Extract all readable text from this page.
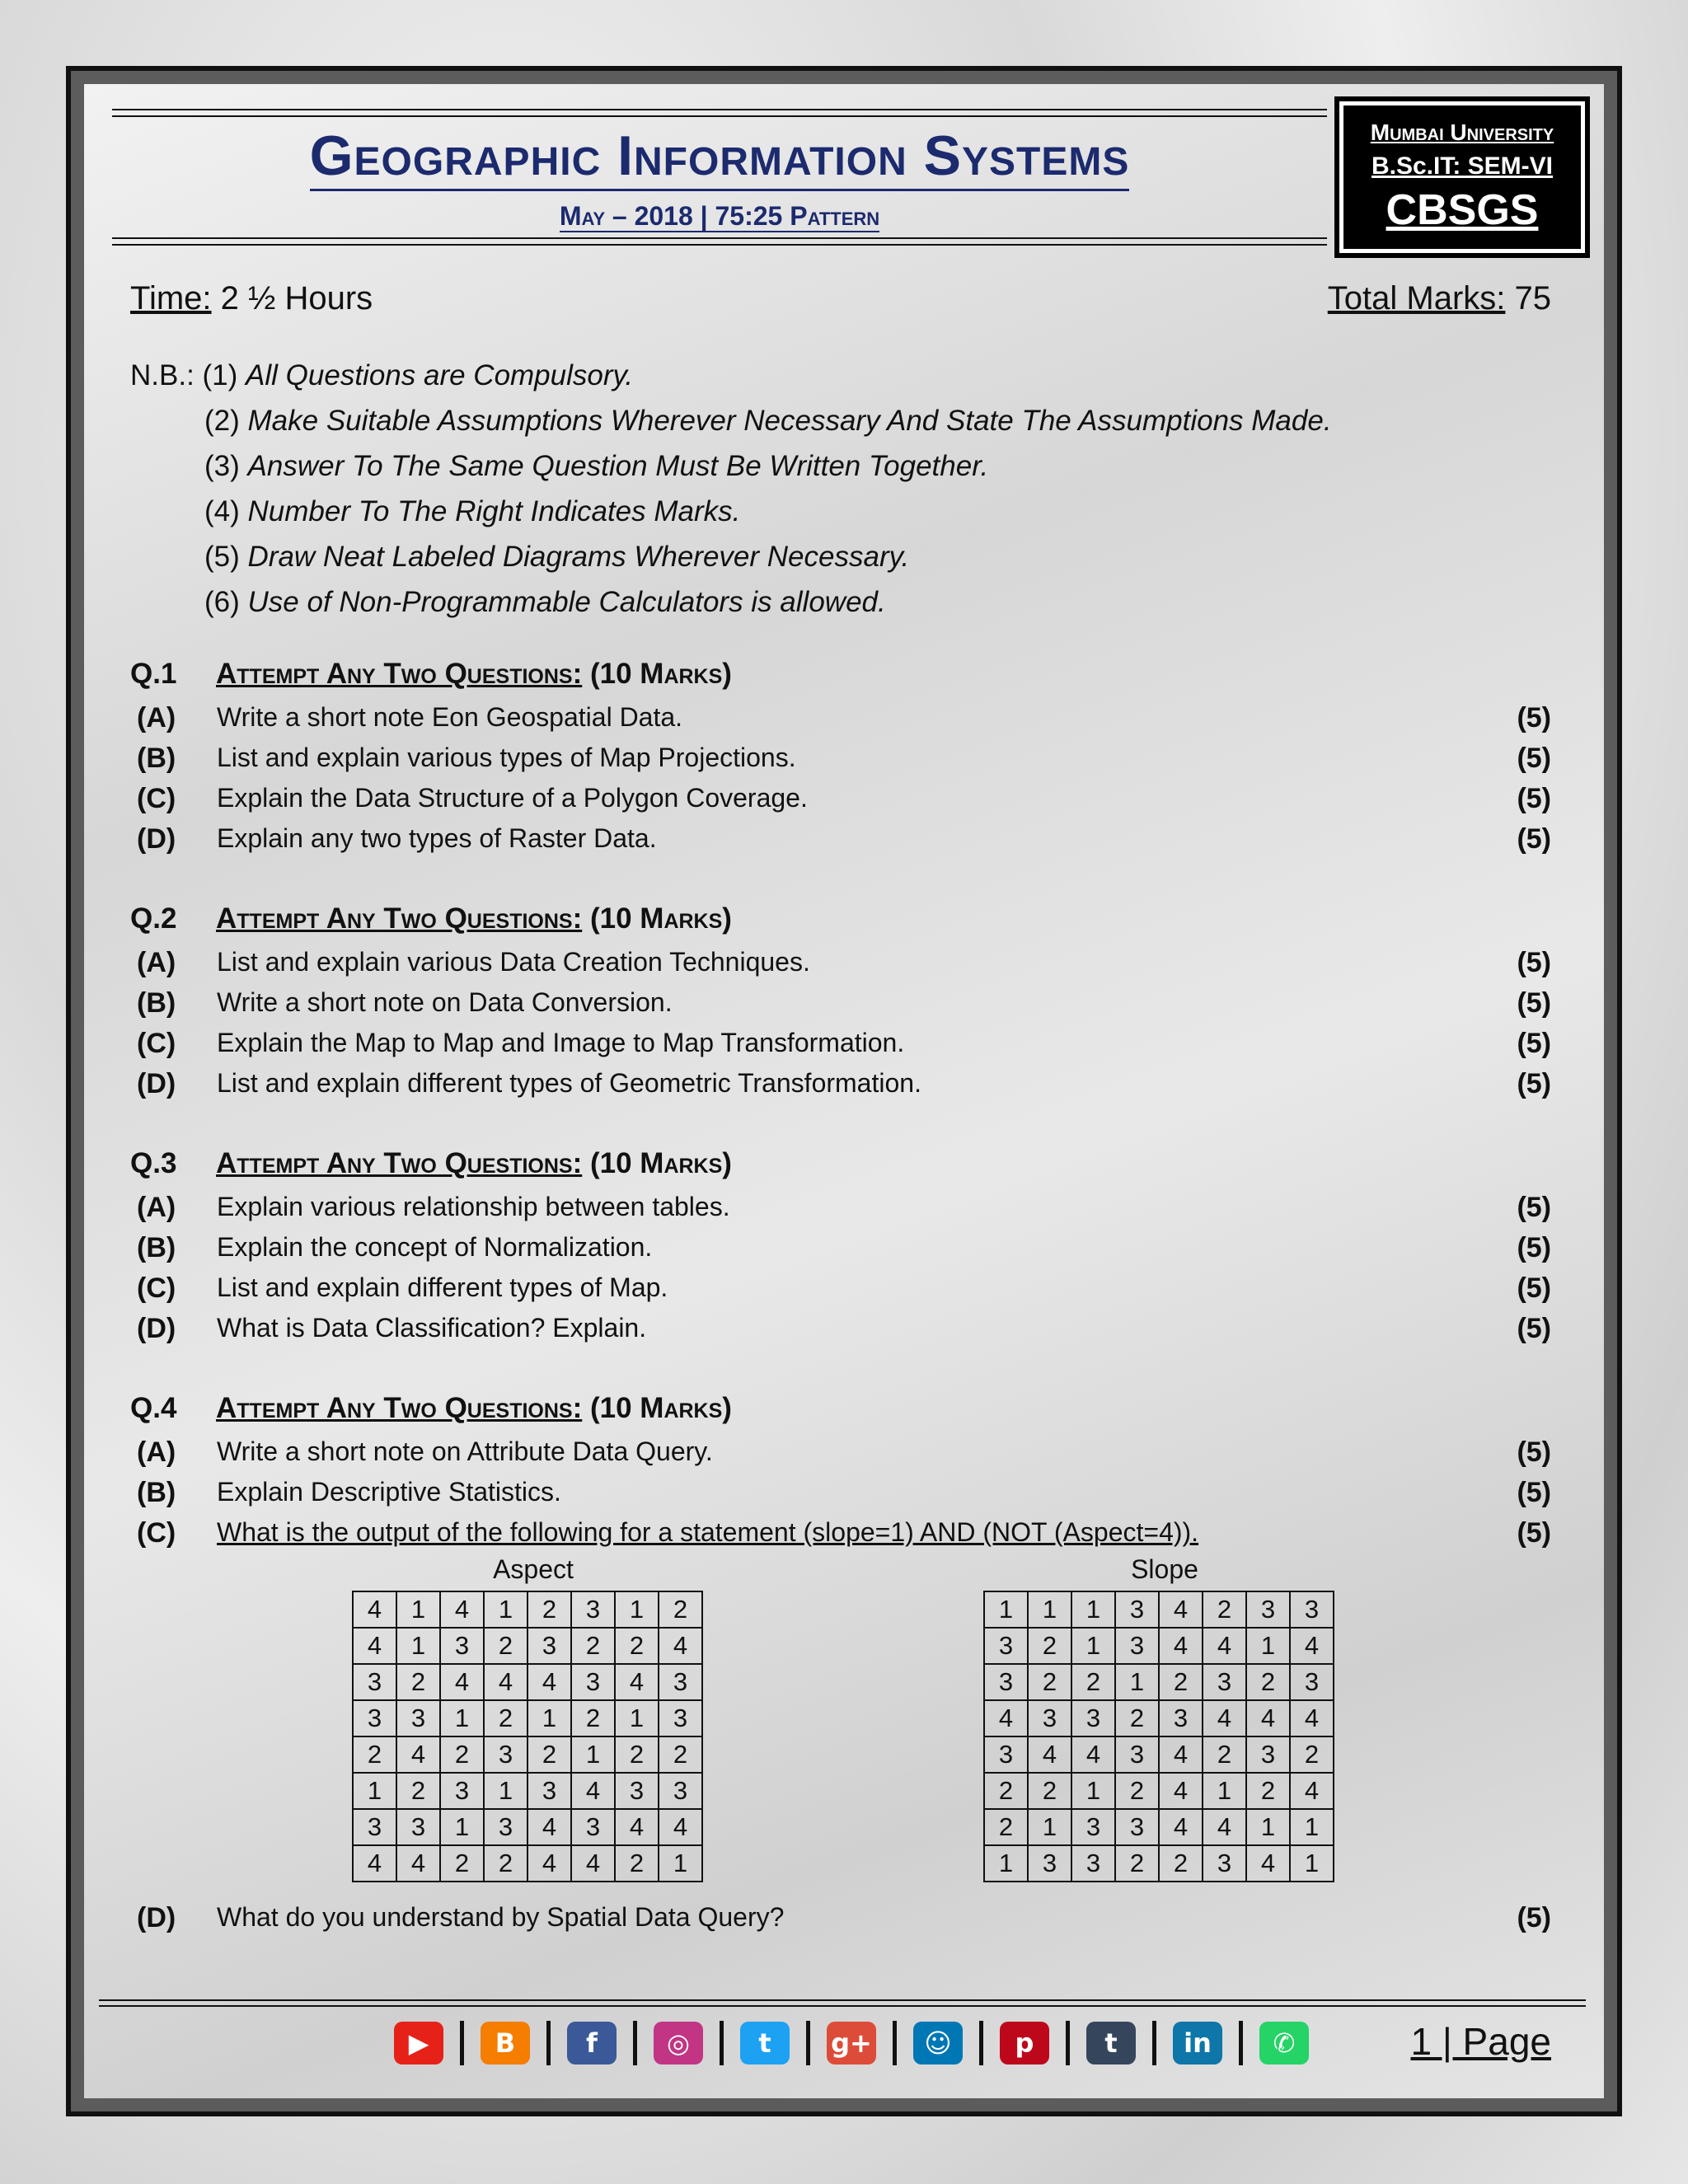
Geographic Information Systems
May – 2018 | 75:25 Pattern
Mumbai University
B.Sc.IT: SEM-VI
CBSGS
Time: 2 ½ Hours	Total Marks: 75
N.B.: (1) All Questions are Compulsory.
(2) Make Suitable Assumptions Wherever Necessary And State The Assumptions Made.
(3) Answer To The Same Question Must Be Written Together.
(4) Number To The Right Indicates Marks.
(5) Draw Neat Labeled Diagrams Wherever Necessary.
(6) Use of Non-Programmable Calculators is allowed.
Q.1 Attempt Any Two Questions: (10 Marks)
(A) Write a short note Eon Geospatial Data.	(5)
(B) List and explain various types of Map Projections.	(5)
(C) Explain the Data Structure of a Polygon Coverage.	(5)
(D) Explain any two types of Raster Data.	(5)
Q.2 Attempt Any Two Questions: (10 Marks)
(A) List and explain various Data Creation Techniques.	(5)
(B) Write a short note on Data Conversion.	(5)
(C) Explain the Map to Map and Image to Map Transformation.	(5)
(D) List and explain different types of Geometric Transformation.	(5)
Q.3 Attempt Any Two Questions: (10 Marks)
(A) Explain various relationship between tables.	(5)
(B) Explain the concept of Normalization.	(5)
(C) List and explain different types of Map.	(5)
(D) What is Data Classification? Explain.	(5)
Q.4 Attempt Any Two Questions: (10 Marks)
(A) Write a short note on Attribute Data Query.	(5)
(B) Explain Descriptive Statistics.	(5)
(C) What is the output of the following for a statement (slope=1) AND (NOT (Aspect=4)).	(5)
Aspect
4	1	4	1	2	3	1	2
4	1	3	2	3	2	2	4
3	2	4	4	4	3	4	3
3	3	1	2	1	2	1	3
2	4	2	3	2	1	2	2
1	2	3	1	3	4	3	3
3	3	1	3	4	3	4	4
4	4	2	2	4	4	2	1
Slope
1	1	1	3	4	2	3	3
3	2	1	3	4	4	1	4
3	2	2	1	2	3	2	3
4	3	3	2	3	4	4	4
3	4	4	3	4	2	3	2
2	2	1	2	4	1	2	4
2	1	3	3	4	4	1	1
1	3	3	2	2	3	4	1
(D) What do you understand by Spatial Data Query?	(5)
▶	B	f	◎	t	g+	☺	p	t	in	✆	1 | Page
